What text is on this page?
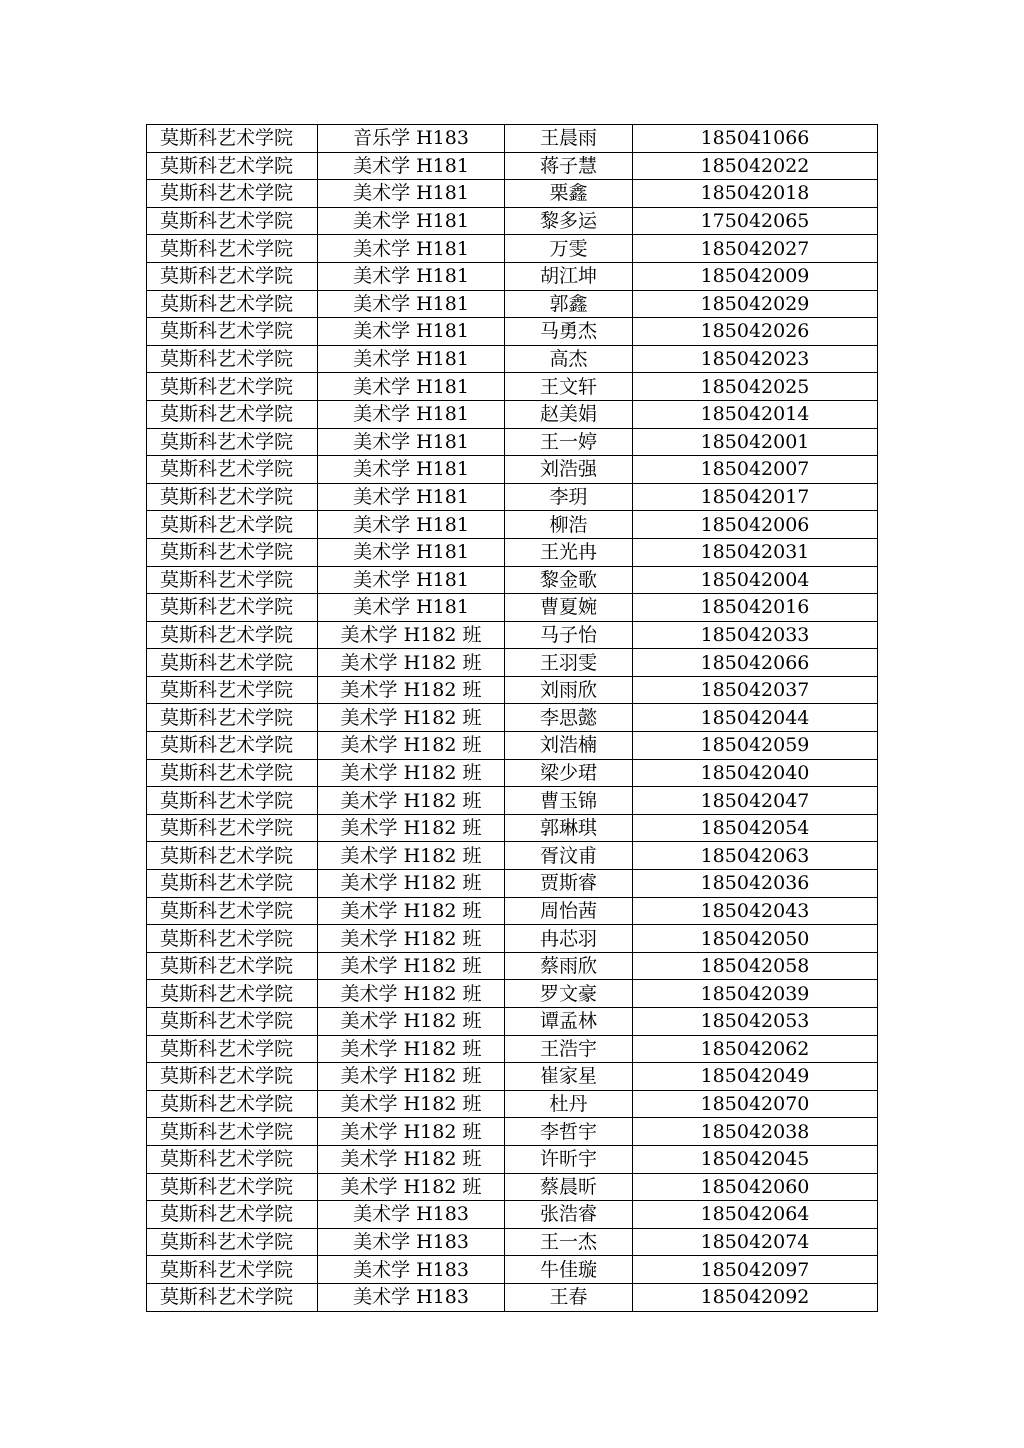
莫斯科艺术学院	音乐学 H183	王晨雨	185041066
莫斯科艺术学院	美术学 H181	蒋子慧	185042022
莫斯科艺术学院	美术学 H181	栗鑫	185042018
莫斯科艺术学院	美术学 H181	黎多运	175042065
莫斯科艺术学院	美术学 H181	万雯	185042027
莫斯科艺术学院	美术学 H181	胡江坤	185042009
莫斯科艺术学院	美术学 H181	郭鑫	185042029
莫斯科艺术学院	美术学 H181	马勇杰	185042026
莫斯科艺术学院	美术学 H181	高杰	185042023
莫斯科艺术学院	美术学 H181	王文轩	185042025
莫斯科艺术学院	美术学 H181	赵美娟	185042014
莫斯科艺术学院	美术学 H181	王一婷	185042001
莫斯科艺术学院	美术学 H181	刘浩强	185042007
莫斯科艺术学院	美术学 H181	李玥	185042017
莫斯科艺术学院	美术学 H181	柳浩	185042006
莫斯科艺术学院	美术学 H181	王光冉	185042031
莫斯科艺术学院	美术学 H181	黎金歌	185042004
莫斯科艺术学院	美术学 H181	曹夏婉	185042016
莫斯科艺术学院	美术学 H182 班	马子怡	185042033
莫斯科艺术学院	美术学 H182 班	王羽雯	185042066
莫斯科艺术学院	美术学 H182 班	刘雨欣	185042037
莫斯科艺术学院	美术学 H182 班	李思懿	185042044
莫斯科艺术学院	美术学 H182 班	刘浩楠	185042059
莫斯科艺术学院	美术学 H182 班	梁少珺	185042040
莫斯科艺术学院	美术学 H182 班	曹玉锦	185042047
莫斯科艺术学院	美术学 H182 班	郭琳琪	185042054
莫斯科艺术学院	美术学 H182 班	胥汶甫	185042063
莫斯科艺术学院	美术学 H182 班	贾斯睿	185042036
莫斯科艺术学院	美术学 H182 班	周怡茜	185042043
莫斯科艺术学院	美术学 H182 班	冉芯羽	185042050
莫斯科艺术学院	美术学 H182 班	蔡雨欣	185042058
莫斯科艺术学院	美术学 H182 班	罗文豪	185042039
莫斯科艺术学院	美术学 H182 班	谭孟林	185042053
莫斯科艺术学院	美术学 H182 班	王浩宇	185042062
莫斯科艺术学院	美术学 H182 班	崔家星	185042049
莫斯科艺术学院	美术学 H182 班	杜丹	185042070
莫斯科艺术学院	美术学 H182 班	李哲宇	185042038
莫斯科艺术学院	美术学 H182 班	许昕宇	185042045
莫斯科艺术学院	美术学 H182 班	蔡晨昕	185042060
莫斯科艺术学院	美术学 H183	张浩睿	185042064
莫斯科艺术学院	美术学 H183	王一杰	185042074
莫斯科艺术学院	美术学 H183	牛佳璇	185042097
莫斯科艺术学院	美术学 H183	王春	185042092
